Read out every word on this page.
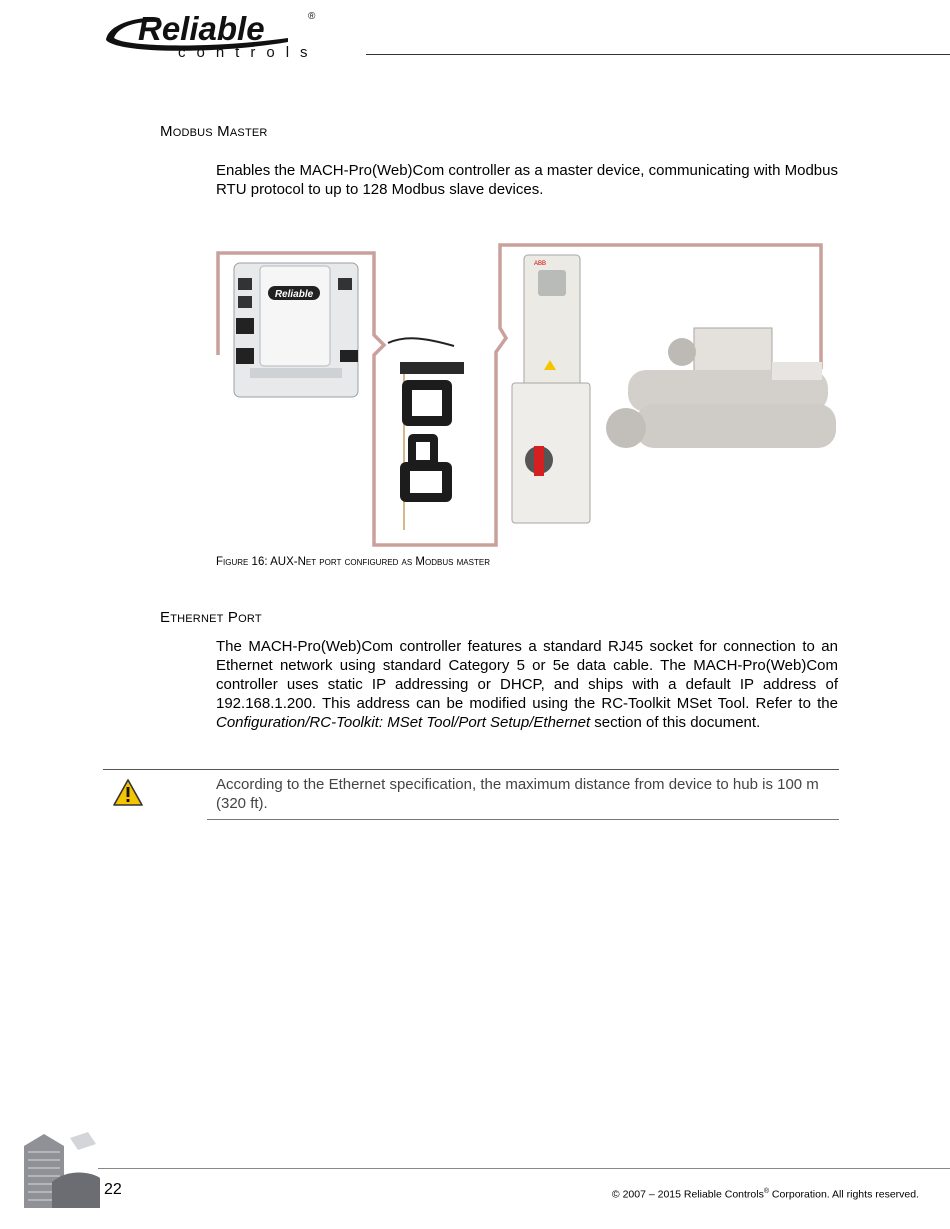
Reliable	®
controls
Modbus Master
Enables the MACH-Pro(Web)Com controller as a master device, communicating with Modbus RTU protocol to up to 128 Modbus slave devices.
Reliable
ABB
Figure 16: AUX-Net port configured as Modbus master
Ethernet Port
The MACH-Pro(Web)Com controller features a standard RJ45 socket for connection to an Ethernet network using standard Category 5 or 5e data cable. The MACH-Pro(Web)Com controller uses static IP addressing or DHCP, and ships with a default IP address of 192.168.1.200. This address can be modified using the RC-Toolkit MSet Tool. Refer to the Configuration/RC-Toolkit: MSet Tool/Port Setup/Ethernet section of this document.
According to the Ethernet specification, the maximum distance from device to hub is 100 m (320 ft).
22	© 2007 – 2015 Reliable Controls® Corporation. All rights reserved.
